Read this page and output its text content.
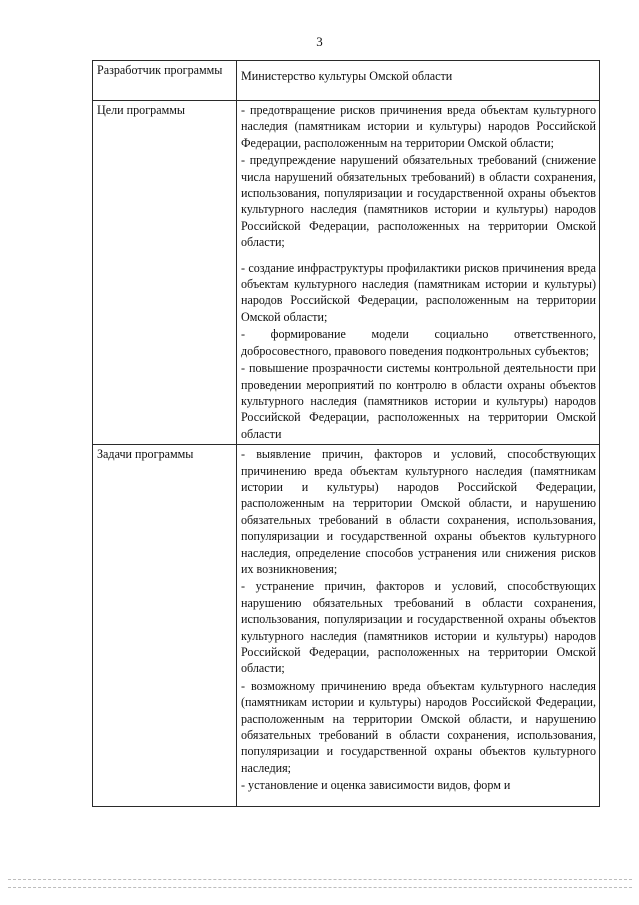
3
Разработчик программы	Министерство культуры Омской области
Цели программы	- предотвращение рисков причинения вреда объектам культурного наследия (памятникам истории и культуры) народов Российской Федерации, расположенным на территории Омской области;
- предупреждение нарушений обязательных требований (снижение числа нарушений обязательных требований) в области сохранения, использования, популяризации и государственной охраны объектов культурного наследия (памятников истории и культуры) народов Российской Федерации, расположенных на территории Омской области;
- создание инфраструктуры профилактики рисков причинения вреда объектам культурного наследия (памятникам истории и культуры) народов Российской Федерации, расположенным на территории Омской области;
- формирование модели социально ответственного, добросовестного, правового поведения подконтрольных субъектов;
- повышение прозрачности системы контрольной деятельности при проведении мероприятий по контролю в области охраны объектов культурного наследия (памятников истории и культуры) народов Российской Федерации, расположенных на территории Омской области

Задачи программы	- выявление причин, факторов и условий, способствующих причинению вреда объектам культурного наследия (памятникам истории и культуры) народов Российской Федерации, расположенным на территории Омской области, и нарушению обязательных требований в области сохранения, использования, популяризации и государственной охраны объектов культурного наследия, определение способов устранения или снижения рисков их возникновения;
- устранение причин, факторов и условий, способствующих нарушению обязательных требований в области сохранения, использования, популяризации и государственной охраны объектов культурного наследия (памятников истории и культуры) народов Российской Федерации, расположенных на территории Омской области;
- возможному причинению вреда объектам культурного наследия (памятникам истории и культуры) народов Российской Федерации, расположенным на территории Омской области, и нарушению обязательных требований в области сохранения, использования, популяризации и государственной охраны объектов культурного наследия;
- установление и оценка зависимости видов, форм и
